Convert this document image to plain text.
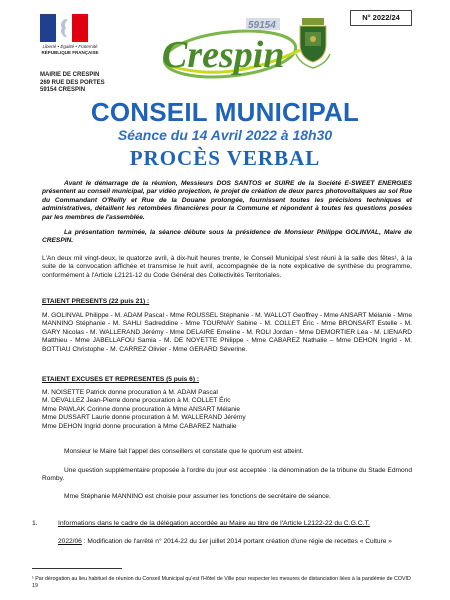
Liberté • Égalité • Fraternité
RÉPUBLIQUE FRANÇAISE
MAIRIE DE CRESPIN
269 RUE DES PORTES
59154 CRESPIN
59154
Crespin
N° 2022/24
CONSEIL MUNICIPAL
Séance du 14 Avril 2022 à 18h30
PROCÈS VERBAL
Avant le démarrage de la réunion, Messieurs DOS SANTOS et SUIRE de la Société E-SWEET ENERGIES présentent au conseil municipal, par vidéo projection, le projet de création de deux parcs photovoltaïques au sol Rue du Commandant O'Reilly et Rue de la Douane prolongée, fournissent toutes les précisions techniques et administratives, détaillent les retombées financières pour la Commune et répondent à toutes les questions posées par les membres de l'assemblée.
La présentation terminée, la séance débute sous la présidence de Monsieur Philippe GOLINVAL, Maire de CRESPIN.
L'An deux mil vingt-deux, le quatorze avril, à dix-huit heures trente, le Conseil Municipal s'est réuni à la salle des fêtes¹, à la suite de la convocation affichée et transmise le huit avril, accompagnée de la note explicative de synthèse du programme, conformément à l'Article L2121-12 du Code Général des Collectivités Territoriales.
ETAIENT PRESENTS (22 puis 21) :
M. GOLINVAL Philippe - M. ADAM Pascal - Mme ROUSSEL Stéphanie - M. WALLOT Geoffrey - Mme ANSART Mélanie - Mme MANNINO Stéphanie - M. SAHLI Sadreddine - Mme TOURNAY Sabine - M. COLLET Éric - Mme BRONSART Estelle - M. GARY Nicolas - M. WALLERAND Jérémy - Mme DELAIRE Emeline - M. ROLI Jordan - Mme DEMORTIER Léa - M. LIENARD Matthieu - Mme JABELLAFOU Samia - M. DE NOYETTE Philippe - Mme CABAREZ Nathalie – Mme DEHON Ingrid - M. BOTTIAU Christophe - M. CARREZ Olivier - Mme GERARD Séverine.
ETAIENT EXCUSES ET REPRESENTES (5 puis 6) :
M. NOISETTE Patrick donne procuration à M. ADAM Pascal
M. DEVALLEZ Jean-Pierre donne procuration à M. COLLET Éric
Mme PAWLAK Corinne donne procuration à Mme ANSART Mélanie
Mme DUSSART Laurie donne procuration à M. WALLERAND Jérémy
Mme DEHON Ingrid donne procuration à Mme CABAREZ Nathalie
Monsieur le Maire fait l'appel des conseillers et constate que le quorum est atteint.
Une question supplémentaire proposée à l'ordre du jour est acceptée : la dénomination de la tribune du Stade Edmond Romby.
Mme Stéphanie MANNINO est choisie pour assumer les fonctions de secrétaire de séance.
1.	Informations dans le cadre de la délégation accordée au Maire au titre de l'Article L2122-22 du C.G.C.T.
2022/06 : Modification de l'arrêté n° 2014-22 du 1er juillet 2014 portant création d'une régie de recettes « Culture »
¹ Par dérogation au lieu habituel de réunion du Conseil Municipal qu'est l'Hôtel de Ville pour respecter les mesures de distanciation liées à la pandémie de COVID 19
